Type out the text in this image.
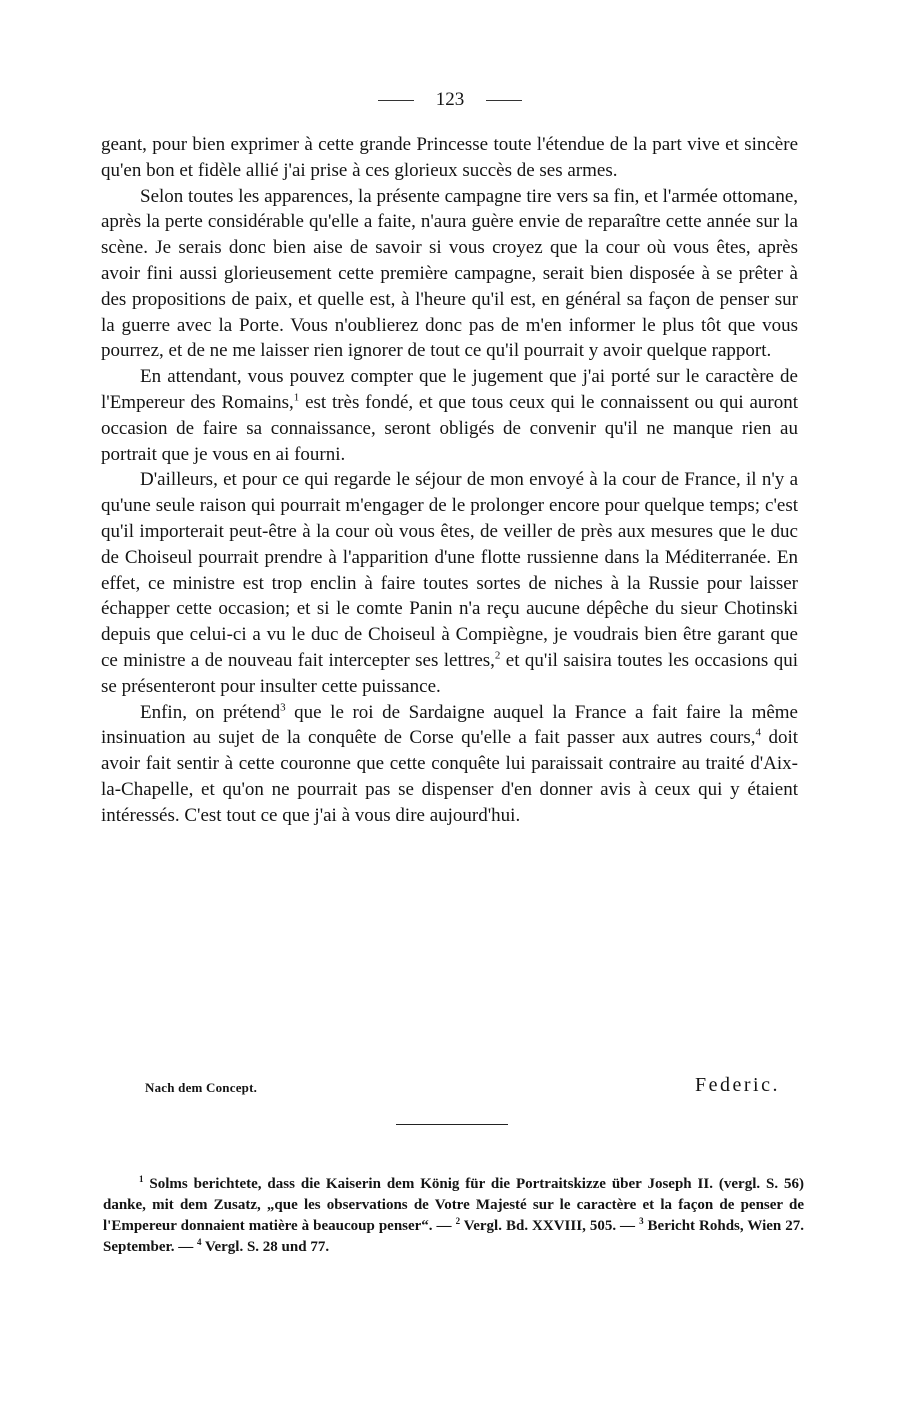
123

geant, pour bien exprimer à cette grande Princesse toute l'étendue de la part vive et sincère qu'en bon et fidèle allié j'ai prise à ces glorieux succès de ses armes.

Selon toutes les apparences, la présente campagne tire vers sa fin, et l'armée ottomane, après la perte considérable qu'elle a faite, n'aura guère envie de reparaître cette année sur la scène. Je serais donc bien aise de savoir si vous croyez que la cour où vous êtes, après avoir fini aussi glorieusement cette première campagne, serait bien disposée à se prêter à des propositions de paix, et quelle est, à l'heure qu'il est, en général sa façon de penser sur la guerre avec la Porte. Vous n'oublierez donc pas de m'en informer le plus tôt que vous pourrez, et de ne me laisser rien ignorer de tout ce qu'il pourrait y avoir quelque rapport.

En attendant, vous pouvez compter que le jugement que j'ai porté sur le caractère de l'Empereur des Romains,$^1$ est très fondé, et que tous ceux qui le connaissent ou qui auront occasion de faire sa connaissance, seront obligés de convenir qu'il ne manque rien au portrait que je vous en ai fourni.

D'ailleurs, et pour ce qui regarde le séjour de mon envoyé à la cour de France, il n'y a qu'une seule raison qui pourrait m'engager de le prolonger encore pour quelque temps; c'est qu'il importerait peut-être à la cour où vous êtes, de veiller de près aux mesures que le duc de Choiseul pourrait prendre à l'apparition d'une flotte russienne dans la Méditerranée. En effet, ce ministre est trop enclin à faire toutes sortes de niches à la Russie pour laisser échapper cette occasion; et si le comte Panin n'a reçu aucune dépêche du sieur Chotinski depuis que celui-ci a vu le duc de Choiseul à Compiègne, je voudrais bien être garant que ce ministre a de nouveau fait intercepter ses lettres,$^2$ et qu'il saisira toutes les occasions qui se présenteront pour insulter cette puissance.

Enfin, on prétend$^3$ que le roi de Sardaigne auquel la France a fait faire la même insinuation au sujet de la conquête de Corse qu'elle a fait passer aux autres cours,$^4$ doit avoir fait sentir à cette couronne que cette conquête lui paraissait contraire au traité d'Aix-la-Chapelle, et qu'on ne pourrait pas se dispenser d'en donner avis à ceux qui y étaient intéressés. C'est tout ce que j'ai à vous dire aujourd'hui.

Nach dem Concept.	Federic.
$^1$ Solms berichtete, dass die Kaiserin dem König für die Portraitskizze über Joseph II. (vergl. S. 56) danke, mit dem Zusatz, „que les observations de Votre Majesté sur le caractère et la façon de penser de l'Empereur donnaient matière à beaucoup penser“. — $^2$ Vergl. Bd. XXVIII, 505. — $^3$ Bericht Rohds, Wien 27. September. — $^4$ Vergl. S. 28 und 77.
